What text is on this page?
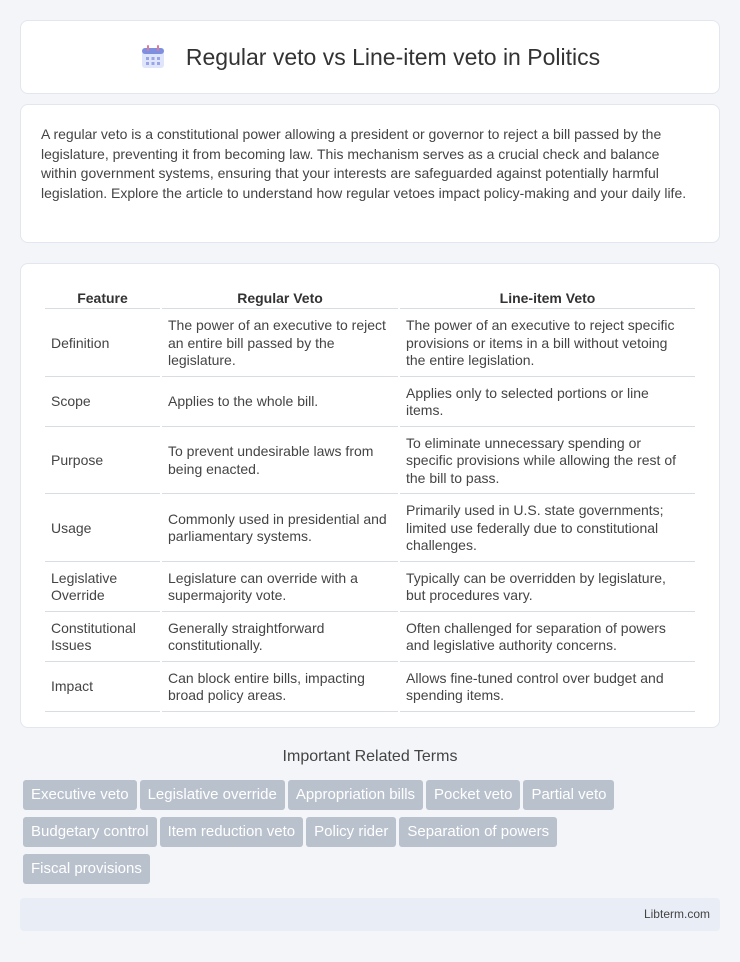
Regular veto vs Line-item veto in Politics

A regular veto is a constitutional power allowing a president or governor to reject a bill passed by the legislature, preventing it from becoming law. This mechanism serves as a crucial check and balance within government systems, ensuring that your interests are safeguarded against potentially harmful legislation. Explore the article to understand how regular vetoes impact policy-making and your daily life.

Feature	Regular Veto	Line-item Veto
Definition	The power of an executive to reject an entire bill passed by the legislature.	The power of an executive to reject specific provisions or items in a bill without vetoing the entire legislation.
Scope	Applies to the whole bill.	Applies only to selected portions or line items.
Purpose	To prevent undesirable laws from being enacted.	To eliminate unnecessary spending or specific provisions while allowing the rest of the bill to pass.
Usage	Commonly used in presidential and parliamentary systems.	Primarily used in U.S. state governments; limited use federally due to constitutional challenges.
Legislative Override	Legislature can override with a supermajority vote.	Typically can be overridden by legislature, but procedures vary.
Constitutional Issues	Generally straightforward constitutionally.	Often challenged for separation of powers and legislative authority concerns.
Impact	Can block entire bills, impacting broad policy areas.	Allows fine-tuned control over budget and spending items.
Important Related Terms
Executive veto Legislative override Appropriation bills Pocket veto Partial veto
Budgetary control Item reduction veto Policy rider Separation of powers
Fiscal provisions
Libterm.com
